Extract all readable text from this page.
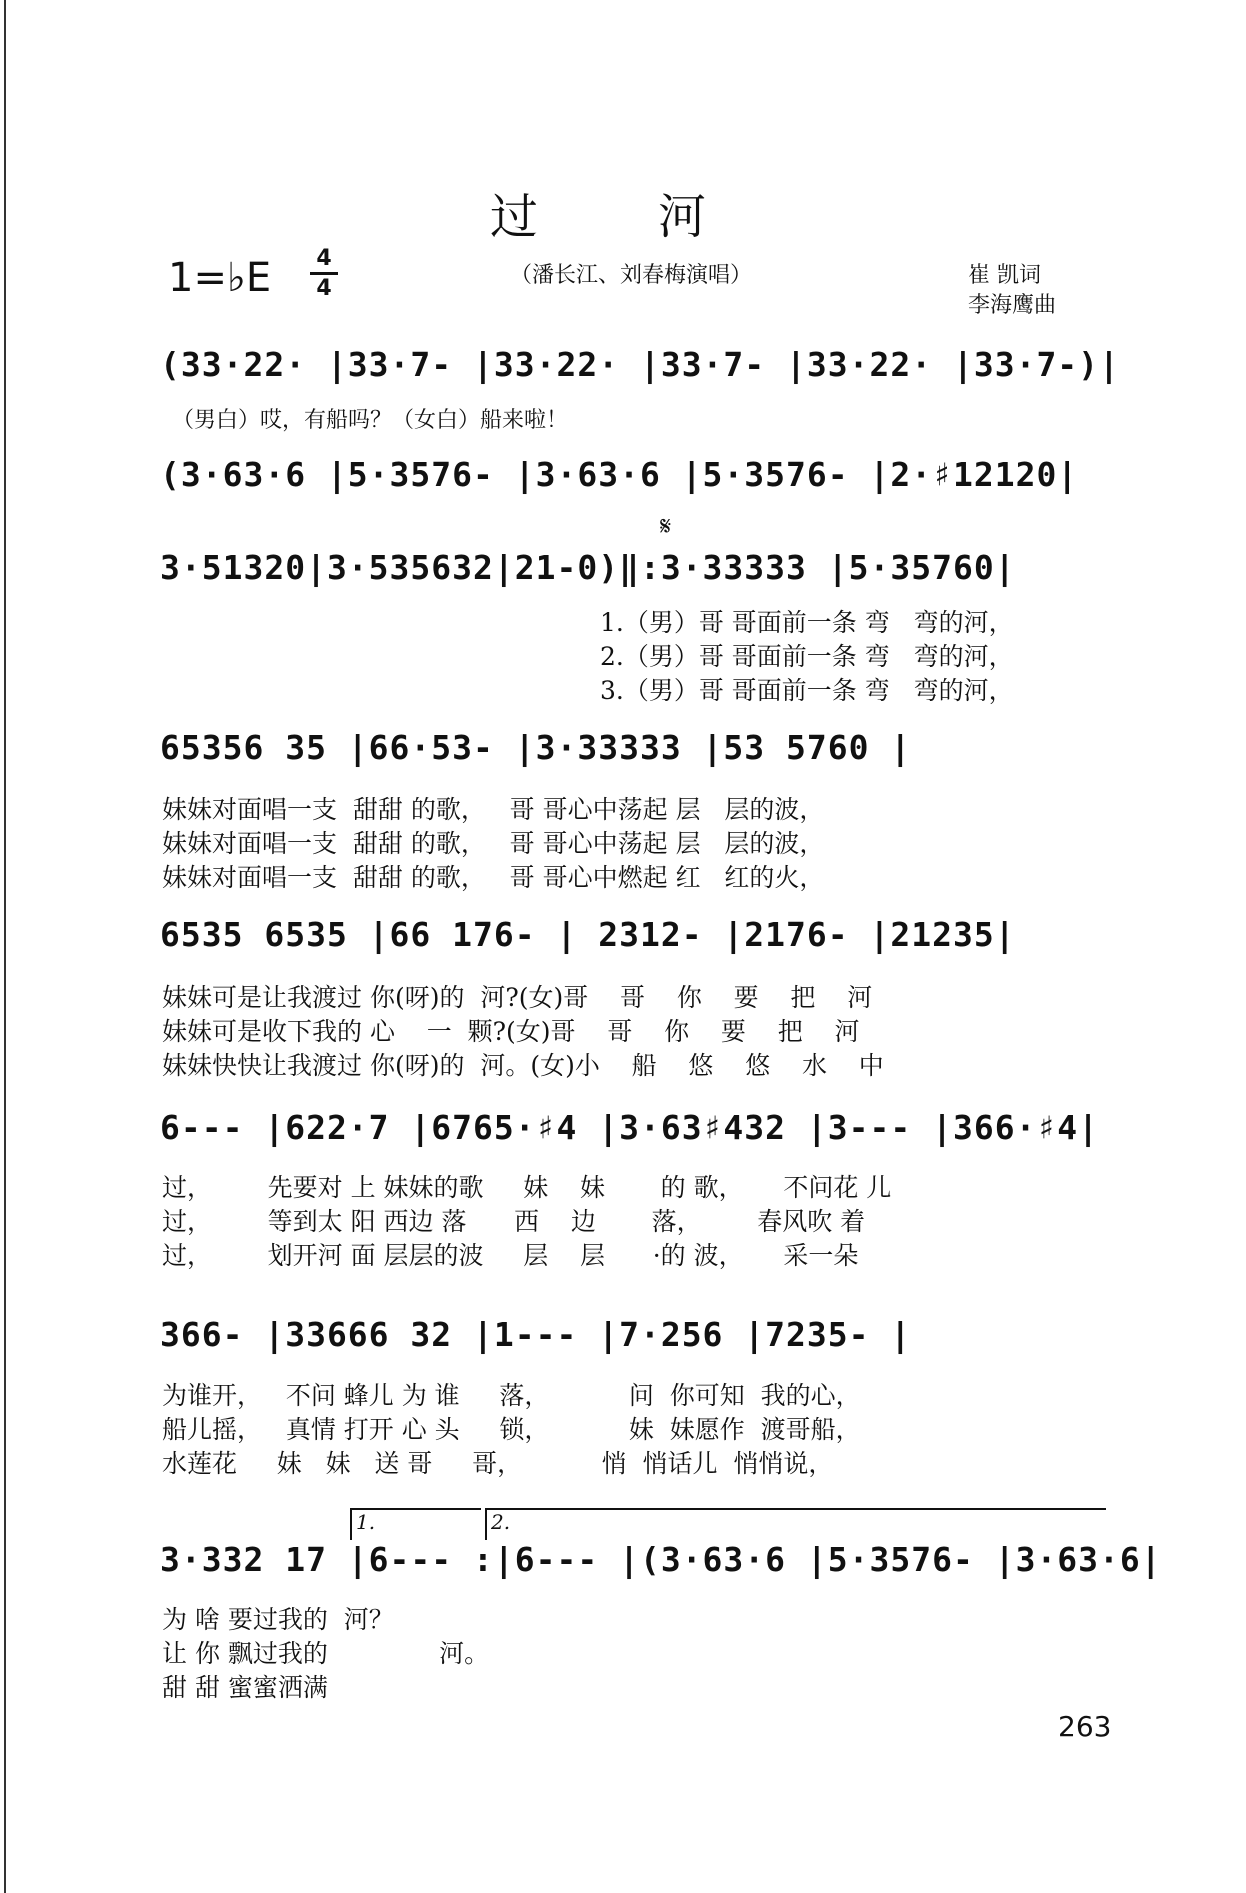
过河
1=♭E 4
4
（潘长江、刘春梅演唱）	崔 凯词
李海鹰曲
(33·22· |33·7- |33·22· |33·7- |33·22· |33·7-)|
（男白）哎，有船吗？（女白）船来啦！
(3·63·6 |5·3576- |3·63·6 |5·3576- |2·♯12120|
𝄋
3·51320|3·535632|21-0)‖:3·33333 |5·35760|
1.（男）哥 哥面前一条 弯   弯的河，
2.（男）哥 哥面前一条 弯   弯的河，
3.（男）哥 哥面前一条 弯   弯的河，
65356 35 |66·53- |3·33333 |53 5760 |
妹妹对面唱一支  甜甜 的歌，   哥 哥心中荡起 层   层的波，
妹妹对面唱一支  甜甜 的歌，   哥 哥心中荡起 层   层的波，
妹妹对面唱一支  甜甜 的歌，   哥 哥心中燃起 红   红的火，
6535 6535 |66 176- | 2312- |2176- |21235|
妹妹可是让我渡过 你(呀)的  河?(女)哥    哥    你    要    把    河
妹妹可是收下我的 心    一  颗?(女)哥    哥    你    要    把    河
妹妹快快让我渡过 你(呀)的  河。(女)小    船    悠    悠    水    中
6--- |622·7 |6765·♯4 |3·63♯432 |3--- |366·♯4|
过，       先要对 上 妹妹的歌     妹    妹       的 歌，     不问花 儿
过，       等到太 阳 西边 落      西    边       落，       春风吹 着
过，       划开河 面 层层的波     层    层      ·的 波，     采一朵
366- |33666 32 |1--- |7·256 |7235- |
为谁开，   不问 蜂儿 为 谁     落，          问  你可知  我的心，
船儿摇，   真情 打开 心 头     锁，          妹  妹愿作  渡哥船，
水莲花     妹   妹   送 哥     哥，          悄  悄话儿  悄悄说，
1.	2.
3·332 17 |6--- :|6--- |(3·63·6 |5·3576- |3·63·6|
为 啥 要过我的  河？
让 你 飘过我的              河。
甜 甜 蜜蜜洒满
263
